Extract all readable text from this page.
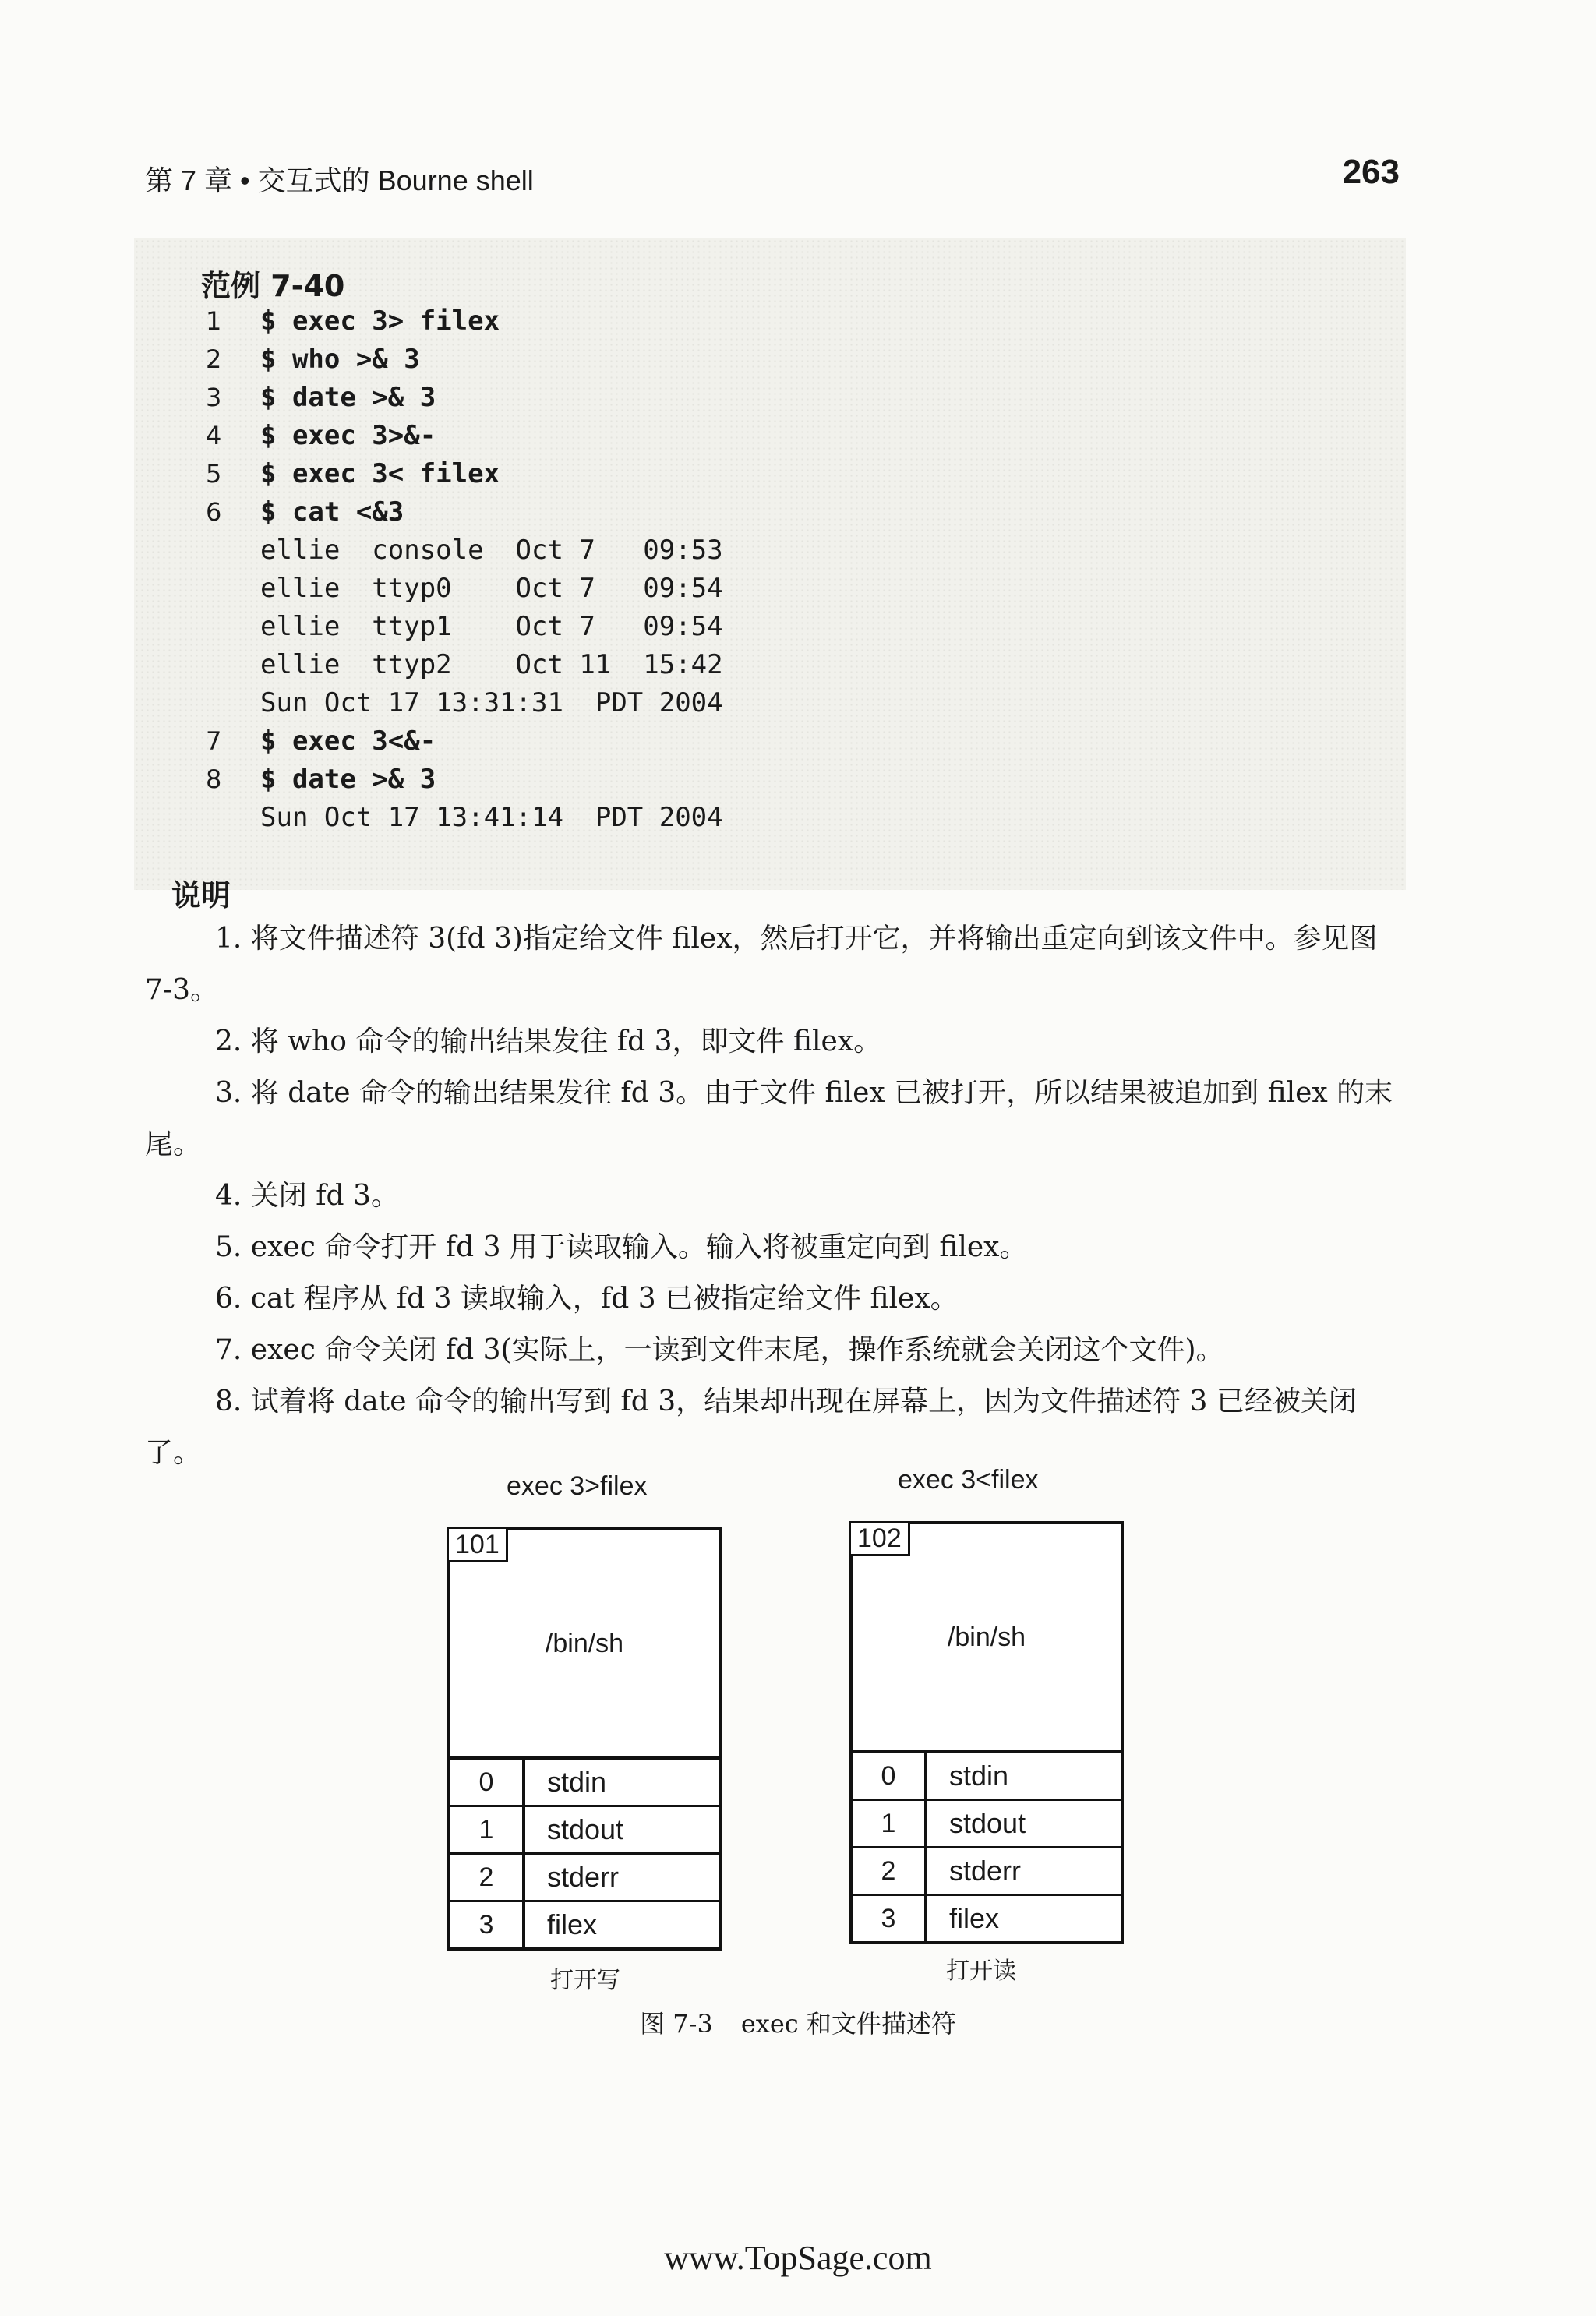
第 7 章 • 交互式的 Bourne shell	263
范例 7-40
1 $ exec 3> filex
2 $ who >& 3
3 $ date >& 3
4 $ exec 3>&-
5 $ exec 3< filex
6 $ cat <&3
ellie  console  Oct 7   09:53
ellie  ttyp0    Oct 7   09:54
ellie  ttyp1    Oct 7   09:54
ellie  ttyp2    Oct 11  15:42
Sun Oct 17 13:31:31  PDT 2004
7 $ exec 3<&-
8 $ date >& 3
Sun Oct 17 13:41:14  PDT 2004
说明

1. 将文件描述符 3(fd 3)指定给文件 filex，然后打开它，并将输出重定向到该文件中。参见图 7-3。

2. 将 who 命令的输出结果发往 fd 3，即文件 filex。

3. 将 date 命令的输出结果发往 fd 3。由于文件 filex 已被打开，所以结果被追加到 filex 的末尾。

4. 关闭 fd 3。

5. exec 命令打开 fd 3 用于读取输入。输入将被重定向到 filex。

6. cat 程序从 fd 3 读取输入，fd 3 已被指定给文件 filex。

7. exec 命令关闭 fd 3(实际上，一读到文件末尾，操作系统就会关闭这个文件)。

8. 试着将 date 命令的输出写到 fd 3，结果却出现在屏幕上，因为文件描述符 3 已经被关闭了。

exec 3>filex
101
/bin/sh
0	stdin
1	stdout
2	stderr
3	filex
打开写
exec 3<filex
102
/bin/sh
0	stdin
1	stdout
2	stderr
3	filex
打开读
图 7-3 exec 和文件描述符
www.TopSage.com
